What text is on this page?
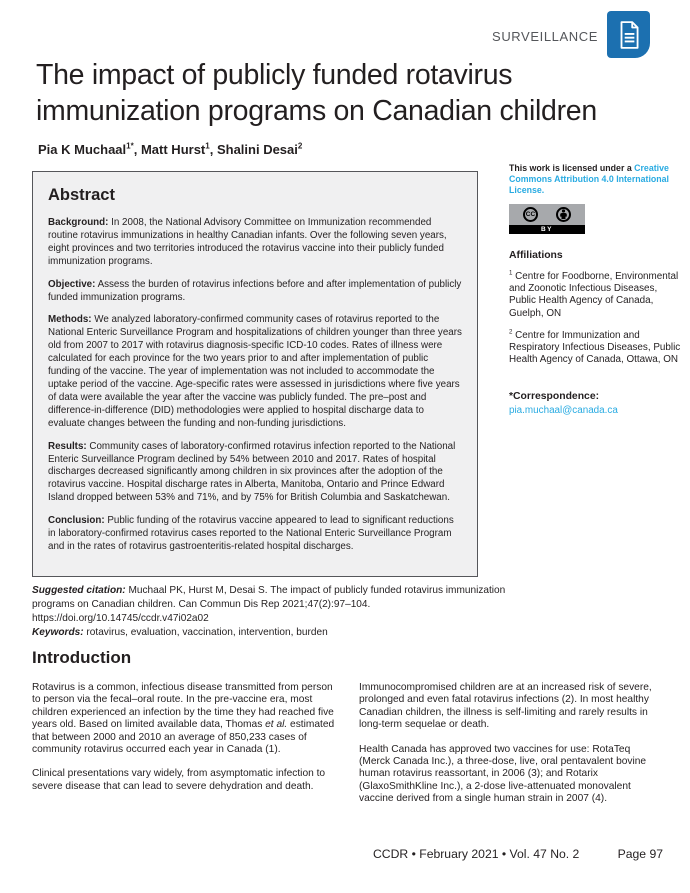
SURVEILLANCE
The impact of publicly funded rotavirus immunization programs on Canadian children
Pia K Muchaal$^{1*}$, Matt Hurst$^1$, Shalini Desai$^2$
Abstract

Background: In 2008, the National Advisory Committee on Immunization recommended routine rotavirus immunizations in healthy Canadian infants. Over the following seven years, eight provinces and two territories introduced the rotavirus vaccine into their publicly funded immunization programs.

Objective: Assess the burden of rotavirus infections before and after implementation of publicly funded immunization programs.

Methods: We analyzed laboratory-confirmed community cases of rotavirus reported to the National Enteric Surveillance Program and hospitalizations of children younger than three years old from 2007 to 2017 with rotavirus diagnosis-specific ICD-10 codes. Rates of illness were calculated for each province for the two years prior to and after implementation of public funding of the vaccine. The year of implementation was not included to accommodate the uptake period of the vaccine. Age-specific rates were assessed in jurisdictions where five years of data were available the year after the vaccine was publicly funded. The pre–post and difference-in-difference (DID) methodologies were applied to hospital discharge data to evaluate changes between the funding and non-funding jurisdictions.

Results: Community cases of laboratory-confirmed rotavirus infection reported to the National Enteric Surveillance Program declined by 54% between 2010 and 2017. Rates of hospital discharges decreased significantly among children in six provinces after the adoption of the rotavirus vaccine. Hospital discharge rates in Alberta, Manitoba, Ontario and Prince Edward Island dropped between 53% and 71%, and by 75% for British Columbia and Saskatchewan.

Conclusion: Public funding of the rotavirus vaccine appeared to lead to significant reductions in laboratory-confirmed rotavirus cases reported to the National Enteric Surveillance Program and in the rates of rotavirus gastroenteritis-related hospital discharges.

This work is licensed under a Creative Commons Attribution 4.0 International License.

CC
BY
Affiliations

$^1$ Centre for Foodborne, Environmental and Zoonotic Infectious Diseases, Public Health Agency of Canada, Guelph, ON

$^2$ Centre for Immunization and Respiratory Infectious Diseases, Public Health Agency of Canada, Ottawa, ON

*Correspondence:

pia.muchaal@canada.ca

Suggested citation: Muchaal PK, Hurst M, Desai S. The impact of publicly funded rotavirus immunization programs on Canadian children. Can Commun Dis Rep 2021;47(2):97–104.
https://doi.org/10.14745/ccdr.v47i02a02

Keywords: rotavirus, evaluation, vaccination, intervention, burden

Introduction

Rotavirus is a common, infectious disease transmitted from person to person via the fecal–oral route. In the pre-vaccine era, most children experienced an infection by the time they had reached five years old. Based on limited available data, Thomas et al. estimated that between 2000 and 2010 an average of 850,233 cases of community rotavirus occurred each year in Canada (1).

Clinical presentations vary widely, from asymptomatic infection to severe disease that can lead to severe dehydration and death.

Immunocompromised children are at an increased risk of severe, prolonged and even fatal rotavirus infections (2). In most healthy Canadian children, the illness is self-limiting and rarely results in long-term sequelae or death.

Health Canada has approved two vaccines for use: RotaTeq (Merck Canada Inc.), a three-dose, live, oral pentavalent bovine human rotavirus reassortant, in 2006 (3); and Rotarix (GlaxoSmithKline Inc.), a 2-dose live-attenuated monovalent vaccine derived from a single human strain in 2007 (4).

CCDR • February 2021 • Vol. 47 No. 2	Page 97
